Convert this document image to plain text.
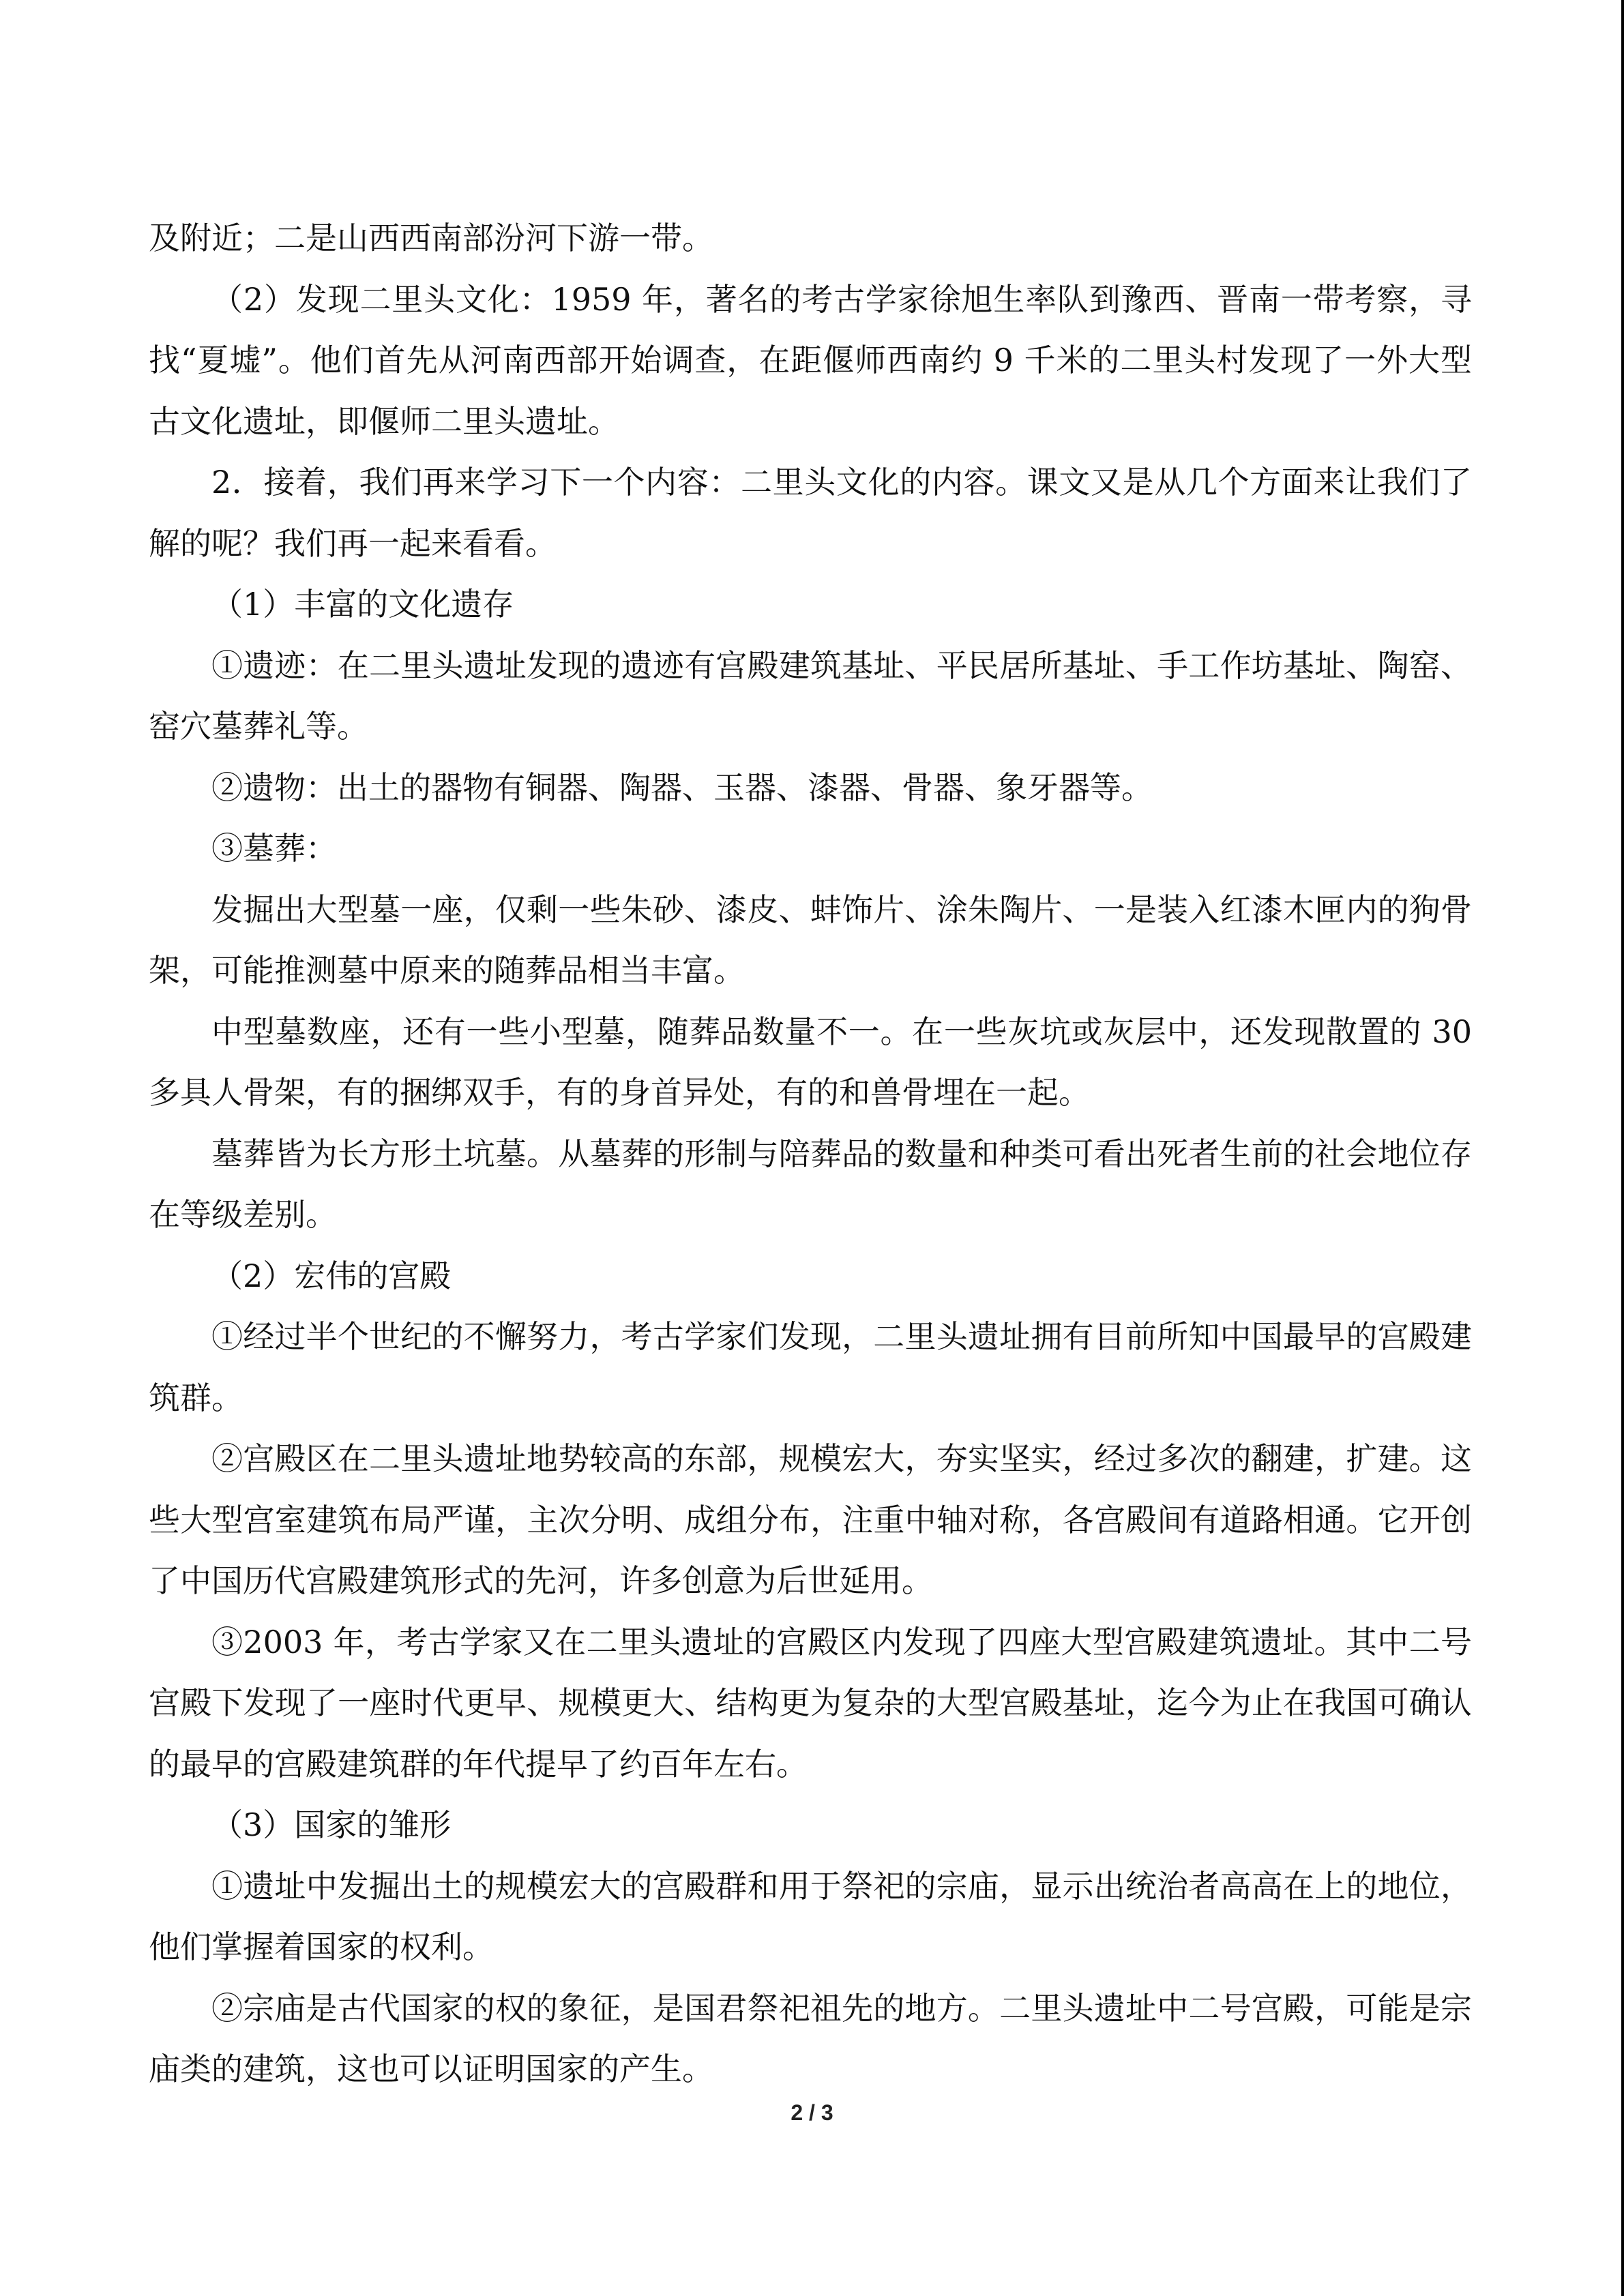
及附近；二是山西西南部汾河下游一带。

（2）发现二里头文化：1959 年，著名的考古学家徐旭生率队到豫西、晋南一带考察，寻找“夏墟”。他们首先从河南西部开始调查，在距偃师西南约 9 千米的二里头村发现了一外大型古文化遗址，即偃师二里头遗址。

2．接着，我们再来学习下一个内容：二里头文化的内容。课文又是从几个方面来让我们了解的呢？我们再一起来看看。

（1）丰富的文化遗存

①遗迹：在二里头遗址发现的遗迹有宫殿建筑基址、平民居所基址、手工作坊基址、陶窑、窑穴墓葬礼等。

②遗物：出土的器物有铜器、陶器、玉器、漆器、骨器、象牙器等。

③墓葬：

发掘出大型墓一座，仅剩一些朱砂、漆皮、蚌饰片、涂朱陶片、一是装入红漆木匣内的狗骨架，可能推测墓中原来的随葬品相当丰富。

中型墓数座，还有一些小型墓，随葬品数量不一。在一些灰坑或灰层中，还发现散置的 30 多具人骨架，有的捆绑双手，有的身首异处，有的和兽骨埋在一起。

墓葬皆为长方形土坑墓。从墓葬的形制与陪葬品的数量和种类可看出死者生前的社会地位存在等级差别。

（2）宏伟的宫殿

①经过半个世纪的不懈努力，考古学家们发现，二里头遗址拥有目前所知中国最早的宫殿建筑群。

②宫殿区在二里头遗址地势较高的东部，规模宏大，夯实坚实，经过多次的翻建，扩建。这些大型宫室建筑布局严谨，主次分明、成组分布，注重中轴对称，各宫殿间有道路相通。它开创了中国历代宫殿建筑形式的先河，许多创意为后世延用。

③2003 年，考古学家又在二里头遗址的宫殿区内发现了四座大型宫殿建筑遗址。其中二号宫殿下发现了一座时代更早、规模更大、结构更为复杂的大型宫殿基址，迄今为止在我国可确认的最早的宫殿建筑群的年代提早了约百年左右。

（3）国家的雏形

①遗址中发掘出土的规模宏大的宫殿群和用于祭祀的宗庙，显示出统治者高高在上的地位，他们掌握着国家的权利。

②宗庙是古代国家的权的象征，是国君祭祀祖先的地方。二里头遗址中二号宫殿，可能是宗庙类的建筑，这也可以证明国家的产生。

2 / 3
